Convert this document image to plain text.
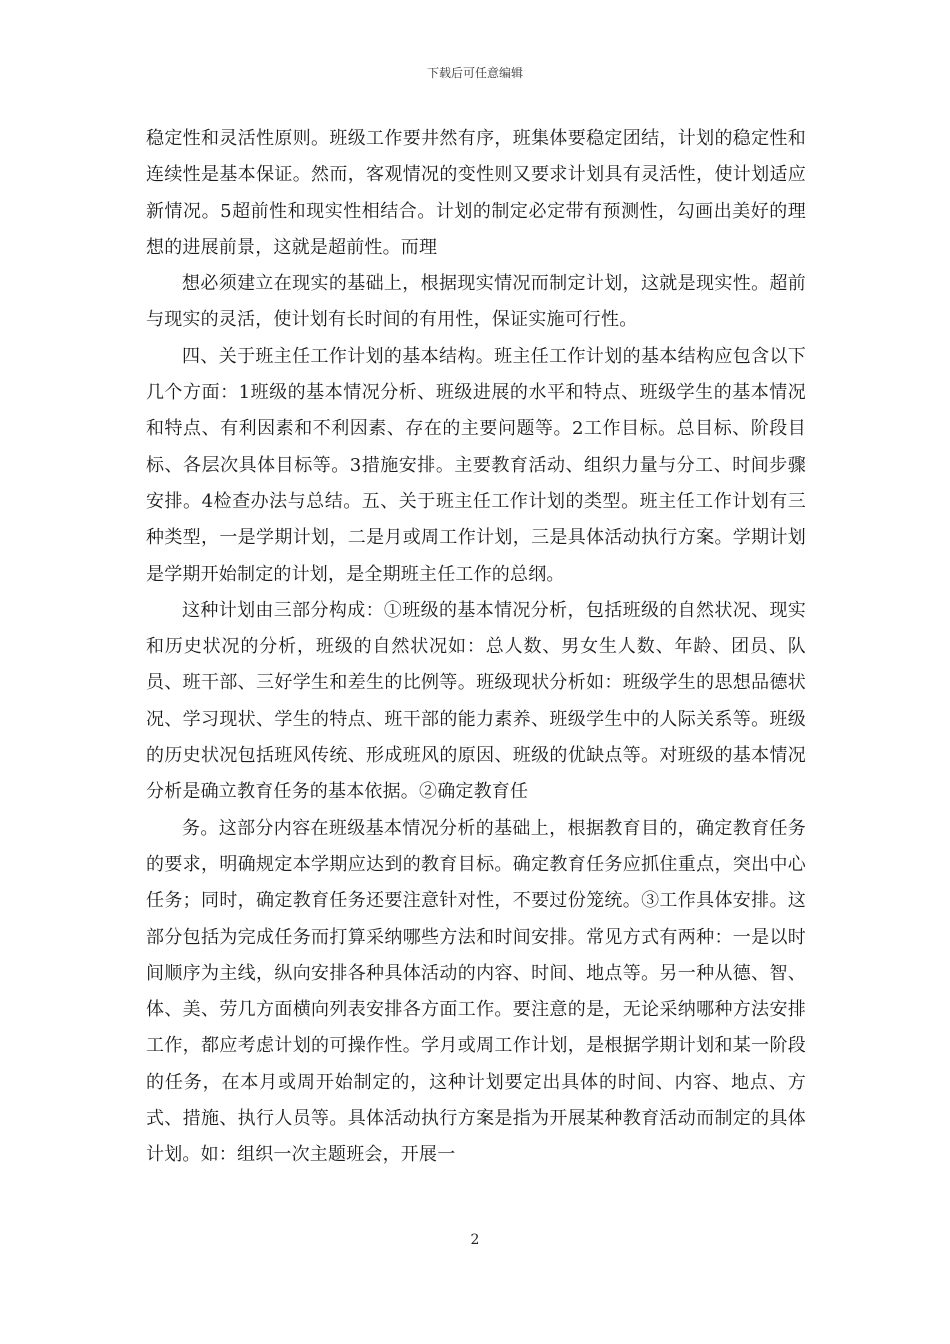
下载后可任意编辑

稳定性和灵活性原则。班级工作要井然有序，班集体要稳定团结，计划的稳定性和连续性是基本保证。然而，客观情况的变性则又要求计划具有灵活性，使计划适应新情况。5超前性和现实性相结合。计划的制定必定带有预测性，勾画出美好的理想的进展前景，这就是超前性。而理

想必须建立在现实的基础上，根据现实情况而制定计划，这就是现实性。超前与现实的灵活，使计划有长时间的有用性，保证实施可行性。

四、关于班主任工作计划的基本结构。班主任工作计划的基本结构应包含以下几个方面：1班级的基本情况分析、班级进展的水平和特点、班级学生的基本情况和特点、有利因素和不利因素、存在的主要问题等。2工作目标。总目标、阶段目标、各层次具体目标等。3措施安排。主要教育活动、组织力量与分工、时间步骤安排。4检查办法与总结。五、关于班主任工作计划的类型。班主任工作计划有三种类型，一是学期计划，二是月或周工作计划，三是具体活动执行方案。学期计划是学期开始制定的计划，是全期班主任工作的总纲。

这种计划由三部分构成：①班级的基本情况分析，包括班级的自然状况、现实和历史状况的分析，班级的自然状况如：总人数、男女生人数、年龄、团员、队员、班干部、三好学生和差生的比例等。班级现状分析如：班级学生的思想品德状况、学习现状、学生的特点、班干部的能力素养、班级学生中的人际关系等。班级的历史状况包括班风传统、形成班风的原因、班级的优缺点等。对班级的基本情况分析是确立教育任务的基本依据。②确定教育任

务。这部分内容在班级基本情况分析的基础上，根据教育目的，确定教育任务的要求，明确规定本学期应达到的教育目标。确定教育任务应抓住重点，突出中心任务；同时，确定教育任务还要注意针对性，不要过份笼统。③工作具体安排。这部分包括为完成任务而打算采纳哪些方法和时间安排。常见方式有两种：一是以时间顺序为主线，纵向安排各种具体活动的内容、时间、地点等。另一种从德、智、体、美、劳几方面横向列表安排各方面工作。要注意的是，无论采纳哪种方法安排工作，都应考虑计划的可操作性。学月或周工作计划，是根据学期计划和某一阶段的任务，在本月或周开始制定的，这种计划要定出具体的时间、内容、地点、方式、措施、执行人员等。具体活动执行方案是指为开展某种教育活动而制定的具体计划。如：组织一次主题班会，开展一

2
